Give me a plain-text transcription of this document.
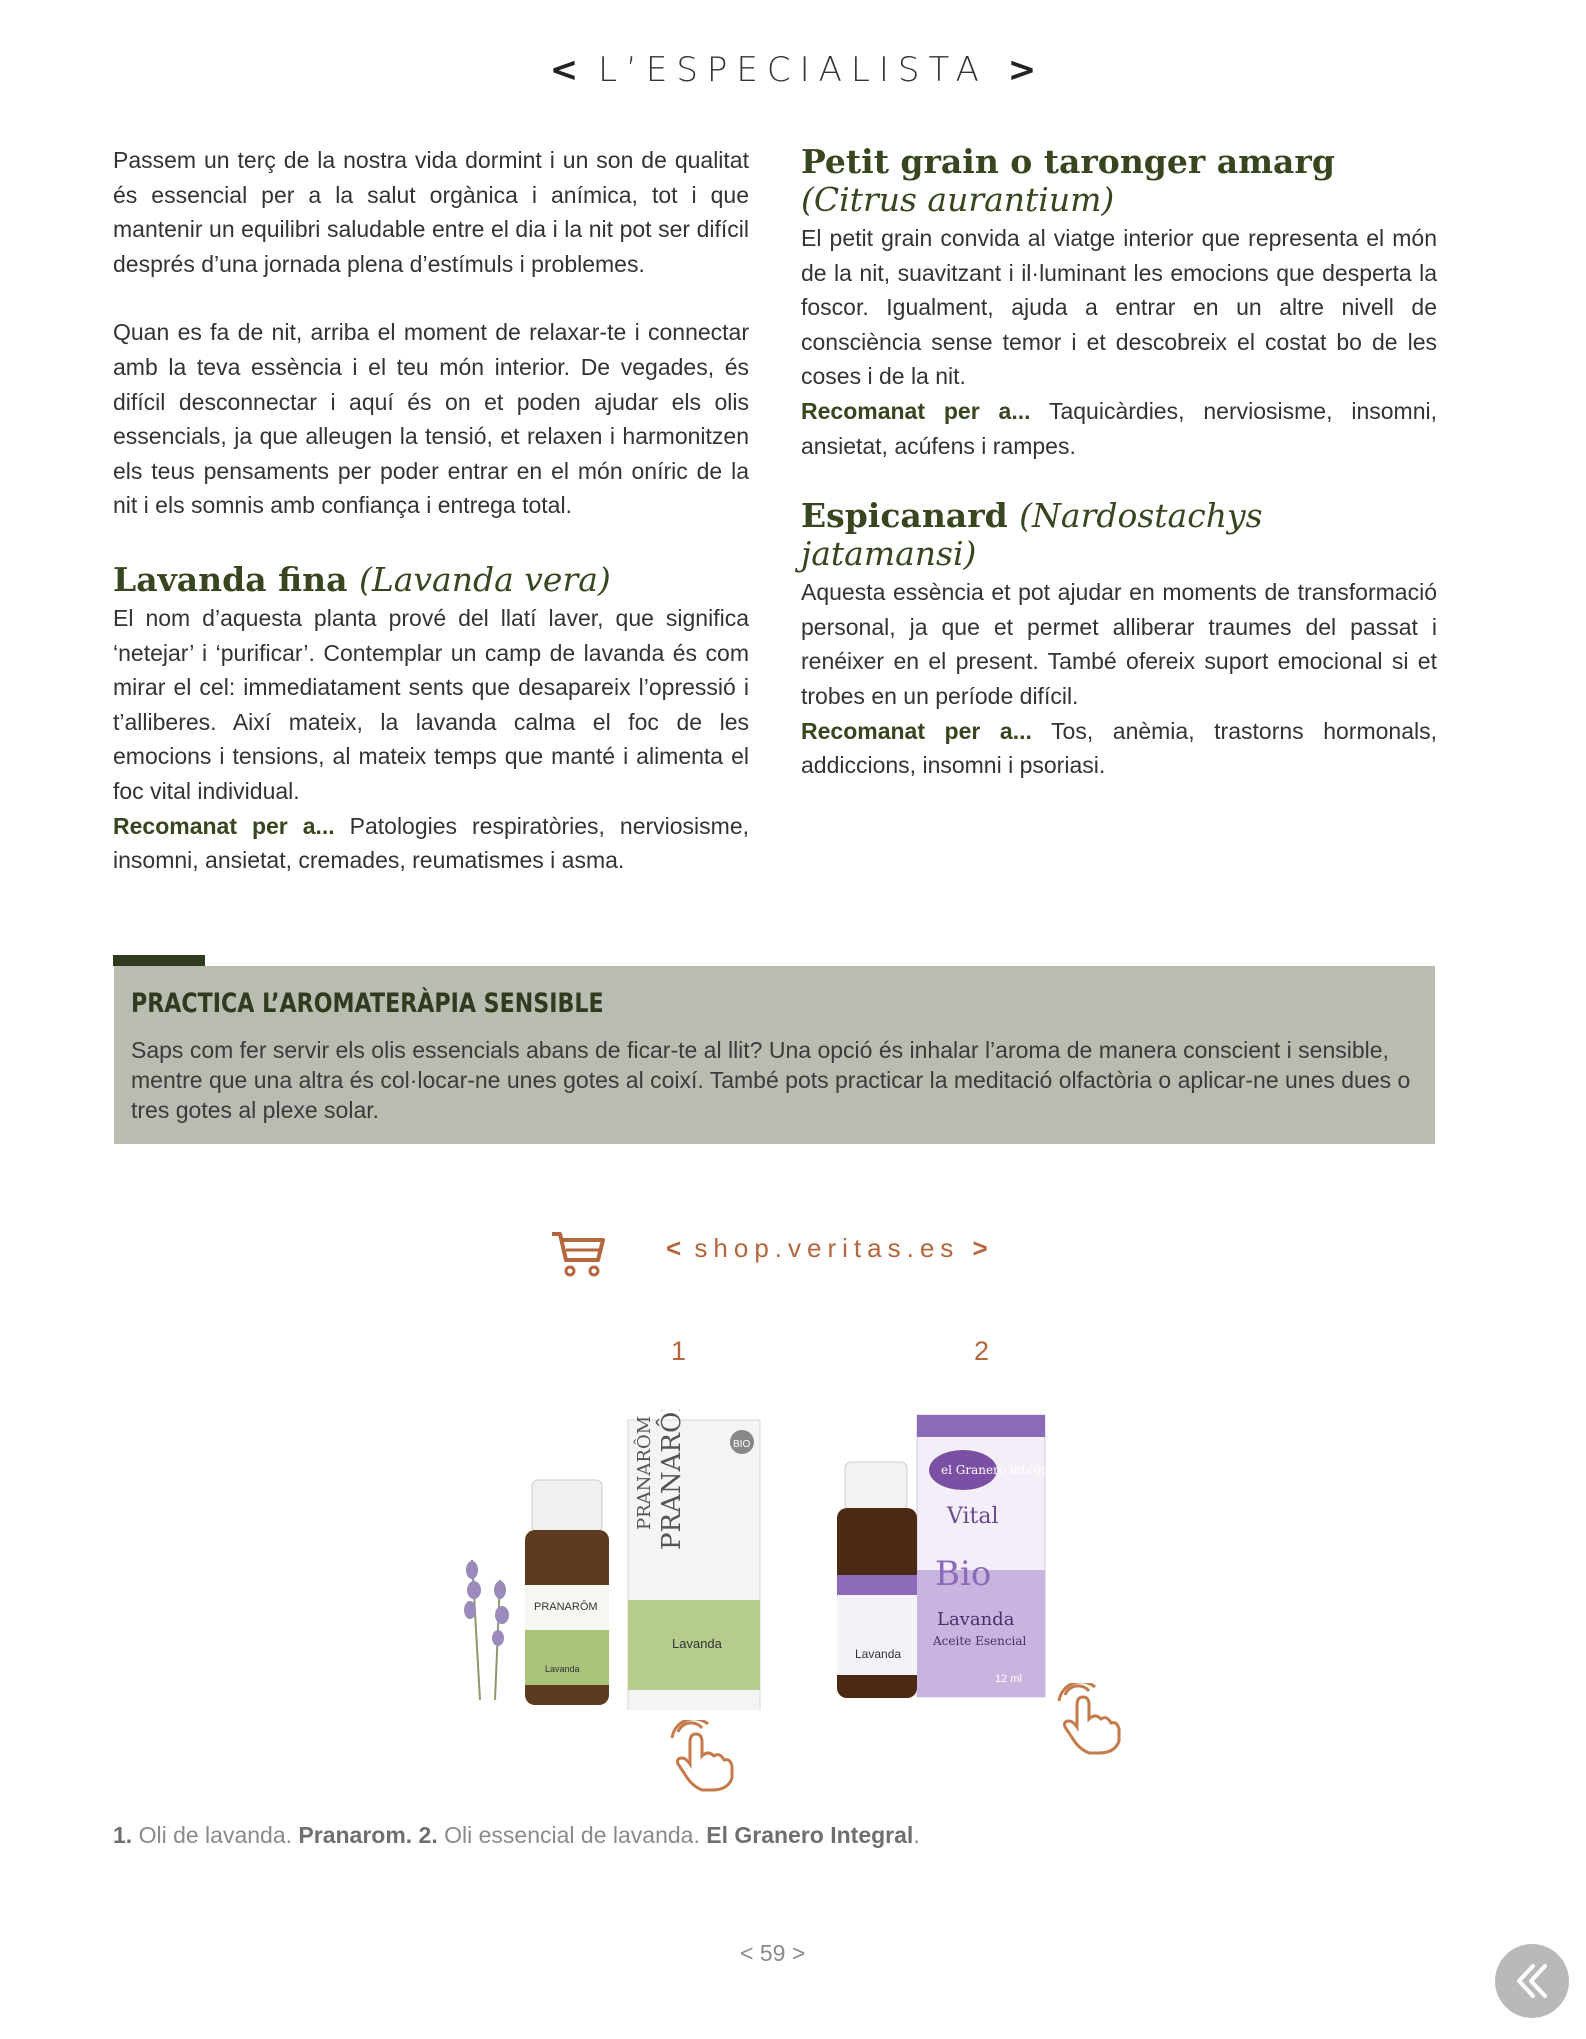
< L’ESPECIALISTA >

Passem un terç de la nostra vida dormint i un son de qualitat és essencial per a la salut orgànica i anímica, tot i que mantenir un equilibri saludable entre el dia i la nit pot ser difícil després d’una jornada plena d’estímuls i problemes.

Quan es fa de nit, arriba el moment de relaxar-te i connectar amb la teva essència i el teu món interior. De vegades, és difícil desconnectar i aquí és on et poden ajudar els olis essencials, ja que alleugen la tensió, et relaxen i harmonitzen els teus pensaments per poder entrar en el món oníric de la nit i els somnis amb confiança i entrega total.

Lavanda fina (Lavanda vera)

El nom d’aquesta planta prové del llatí laver, que significa ‘netejar’ i ‘purificar’. Contemplar un camp de lavanda és com mirar el cel: immediatament sents que desapareix l’opressió i t’alliberes. Així mateix, la lavanda calma el foc de les emocions i tensions, al mateix temps que manté i alimenta el foc vital individual.

Recomanat per a... Patologies respiratòries, nerviosisme, insomni, ansietat, cremades, reumatismes i asma.

Petit grain o taronger amarg
(Citrus aurantium)

El petit grain convida al viatge interior que representa el món de la nit, suavitzant i il·luminant les emocions que desperta la foscor. Igualment, ajuda a entrar en un altre nivell de consciència sense temor i et descobreix el costat bo de les coses i de la nit.

Recomanat per a... Taquicàrdies, nerviosisme, insomni, ansietat, acúfens i rampes.

Espicanard (Nardostachys jatamansi)

Aquesta essència et pot ajudar en moments de transformació personal, ja que et permet alliberar traumes del passat i renéixer en el present. També ofereix suport emocional si et trobes en un període difícil.

Recomanat per a... Tos, anèmia, trastorns hormonals, addiccions, insomni i psoriasi.

PRACTICA L’AROMATERÀPIA SENSIBLE
Saps com fer servir els olis essencials abans de ficar-te al llit? Una opció és inhalar l’aroma de manera conscient i sensible, mentre que una altra és col·locar-ne unes gotes al coixí. També pots practicar la meditació olfactòria o aplicar-ne unes dues o tres gotes al plexe solar.
< shop.veritas.es >
1	2
PRANARÔM
PRANARÔM	BIO
Lavanda
PRANARÔM
Lavanda
el Granero integral
Vital
Bio
Lavanda
Aceite Esencial
12 ml
Lavanda
1. Oli de lavanda. Pranarom. 2. Oli essencial de lavanda. El Granero Integral.
< 59 >
